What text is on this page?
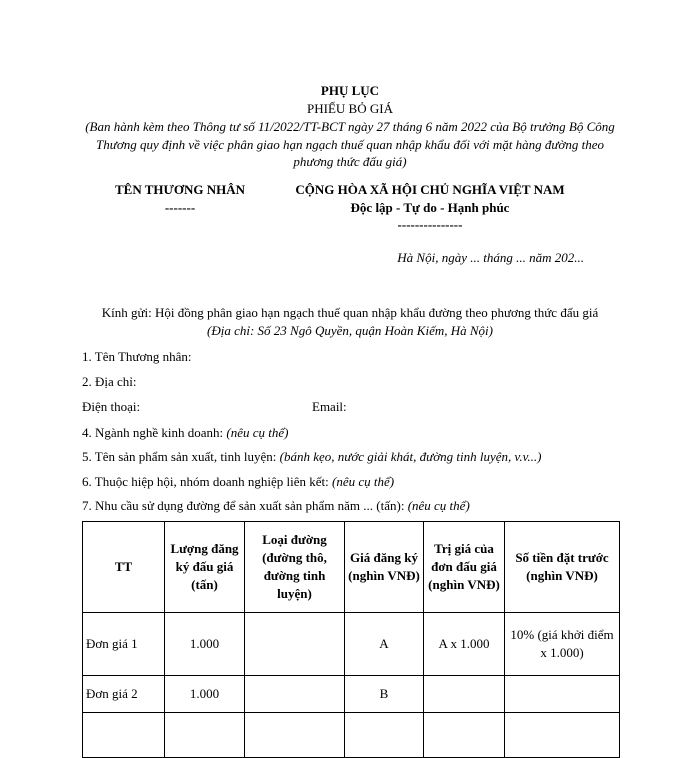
PHỤ LỤC
PHIẾU BỎ GIÁ
(Ban hành kèm theo Thông tư số 11/2022/TT-BCT ngày 27 tháng 6 năm 2022 của Bộ trưởng Bộ Công Thương quy định về việc phân giao hạn ngạch thuế quan nhập khẩu đối với mặt hàng đường theo phương thức đấu giá)
TÊN THƯƠNG NHÂN
-------
CỘNG HÒA XÃ HỘI CHỦ NGHĨA VIỆT NAM
Độc lập - Tự do - Hạnh phúc
---------------
Hà Nội, ngày ... tháng ... năm 202...
Kính gửi: Hội đồng phân giao hạn ngạch thuế quan nhập khẩu đường theo phương thức đấu giá
(Địa chỉ: Số 23 Ngô Quyền, quận Hoàn Kiếm, Hà Nội)
1. Tên Thương nhân:
2. Địa chỉ:
Điện thoại:	Email:
4. Ngành nghề kinh doanh: (nêu cụ thể)
5. Tên sản phẩm sản xuất, tinh luyện: (bánh kẹo, nước giải khát, đường tinh luyện, v.v...)
6. Thuộc hiệp hội, nhóm doanh nghiệp liên kết: (nêu cụ thể)
7. Nhu cầu sử dụng đường để sản xuất sản phẩm năm ... (tấn): (nêu cụ thể)
TT	Lượng đăng ký đấu giá (tấn)	Loại đường (đường thô, đường tinh luyện)	Giá đăng ký (nghìn VNĐ)	Trị giá của đơn đấu giá (nghìn VNĐ)	Số tiền đặt trước (nghìn VNĐ)
Đơn giá 1	1.000		A	A x 1.000	10% (giá khởi điểm x 1.000)
Đơn giá 2	1.000		B		
